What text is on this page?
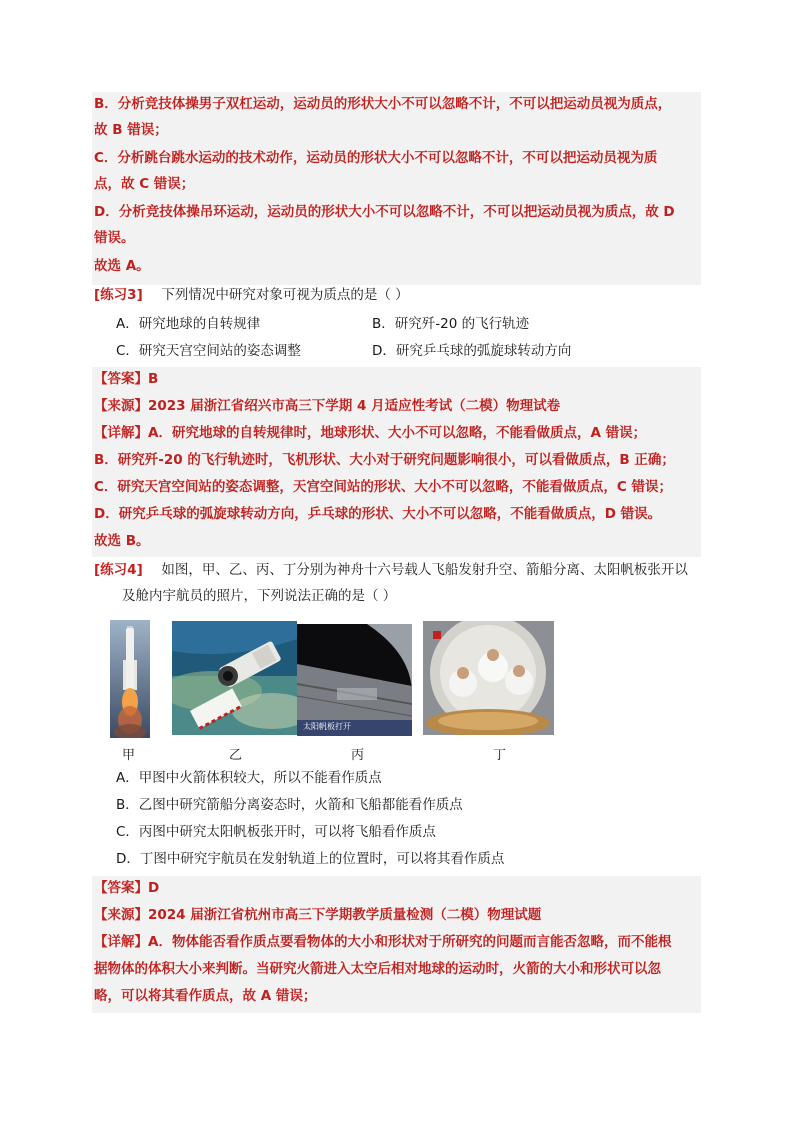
B．分析竞技体操男子双杠运动，运动员的形状大小不可以忽略不计，不可以把运动员视为质点，
故 B 错误；
C．分析跳台跳水运动的技术动作，运动员的形状大小不可以忽略不计，不可以把运动员视为质
点，故 C 错误；
D．分析竞技体操吊环运动，运动员的形状大小不可以忽略不计，不可以把运动员视为质点，故 D
错误。
故选 A。
[练习3] 下列情况中研究对象可视为质点的是（ ）
A．研究地球的自转规律	B．研究歼-20 的飞行轨迹
C．研究天宫空间站的姿态调整	D．研究乒乓球的弧旋球转动方向
【答案】B
【来源】2023 届浙江省绍兴市高三下学期 4 月适应性考试（二模）物理试卷
【详解】A．研究地球的自转规律时，地球形状、大小不可以忽略，不能看做质点，A 错误；
B．研究歼-20 的飞行轨迹时，飞机形状、大小对于研究问题影响很小，可以看做质点，B 正确；
C．研究天宫空间站的姿态调整，天宫空间站的形状、大小不可以忽略，不能看做质点，C 错误；
D．研究乒乓球的弧旋球转动方向，乒乓球的形状、大小不可以忽略，不能看做质点，D 错误。
故选 B。
[练习4] 如图，甲、乙、丙、丁分别为神舟十六号载人飞船发射升空、箭船分离、太阳帆板张开以
及舱内宇航员的照片，下列说法正确的是（ ）
甲	乙
太阳帆板打开
丙	丁
A．甲图中火箭体积较大，所以不能看作质点
B．乙图中研究箭船分离姿态时，火箭和飞船都能看作质点
C．丙图中研究太阳帆板张开时，可以将飞船看作质点
D．丁图中研究宇航员在发射轨道上的位置时，可以将其看作质点
【答案】D
【来源】2024 届浙江省杭州市高三下学期教学质量检测（二模）物理试题
【详解】A．物体能否看作质点要看物体的大小和形状对于所研究的问题而言能否忽略，而不能根
据物体的体积大小来判断。当研究火箭进入太空后相对地球的运动时，火箭的大小和形状可以忽
略，可以将其看作质点，故 A 错误；
